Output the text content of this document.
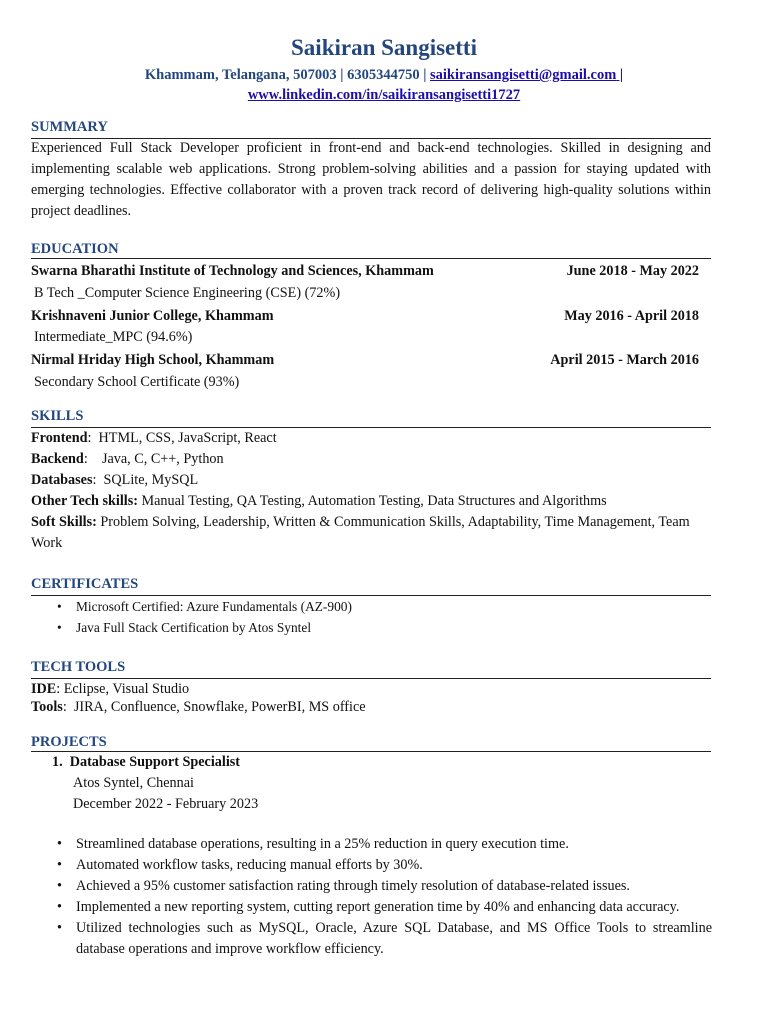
Saikiran Sangisetti
Khammam, Telangana, 507003 | 6305344750 | saikiransangisetti@gmail.com |
www.linkedin.com/in/saikiransangisetti1727
SUMMARY

Experienced Full Stack Developer proficient in front-end and back-end technologies. Skilled in designing and implementing scalable web applications. Strong problem-solving abilities and a passion for staying updated with emerging technologies. Effective collaborator with a proven track record of delivering high-quality solutions within project deadlines.

EDUCATION
Swarna Bharathi Institute of Technology and Sciences, Khammam	June 2018 - May 2022
B Tech _Computer Science Engineering (CSE) (72%)
Krishnaveni Junior College, Khammam	May 2016 - April 2018
Intermediate_MPC (94.6%)
Nirmal Hriday High School, Khammam	April 2015 - March 2016
Secondary School Certificate (93%)
SKILLS
Frontend:  HTML, CSS, JavaScript, React
Backend:    Java, C, C++, Python
Databases:  SQLite, MySQL
Other Tech skills: Manual Testing, QA Testing, Automation Testing, Data Structures and Algorithms
Soft Skills: Problem Solving, Leadership, Written & Communication Skills, Adaptability, Time Management, Team Work
CERTIFICATES
• Microsoft Certified: Azure Fundamentals (AZ-900)
• Java Full Stack Certification by Atos Syntel
TECH TOOLS
IDE: Eclipse, Visual Studio
Tools:  JIRA, Confluence, Snowflake, PowerBI, MS office
PROJECTS
1. Database Support Specialist
Atos Syntel, Chennai
December 2022 - February 2023
• Streamlined database operations, resulting in a 25% reduction in query execution time.
• Automated workflow tasks, reducing manual efforts by 30%.
• Achieved a 95% customer satisfaction rating through timely resolution of database-related issues.
• Implemented a new reporting system, cutting report generation time by 40% and enhancing data accuracy.
• Utilized technologies such as MySQL, Oracle, Azure SQL Database, and MS Office Tools to streamline database operations and improve workflow efficiency.
